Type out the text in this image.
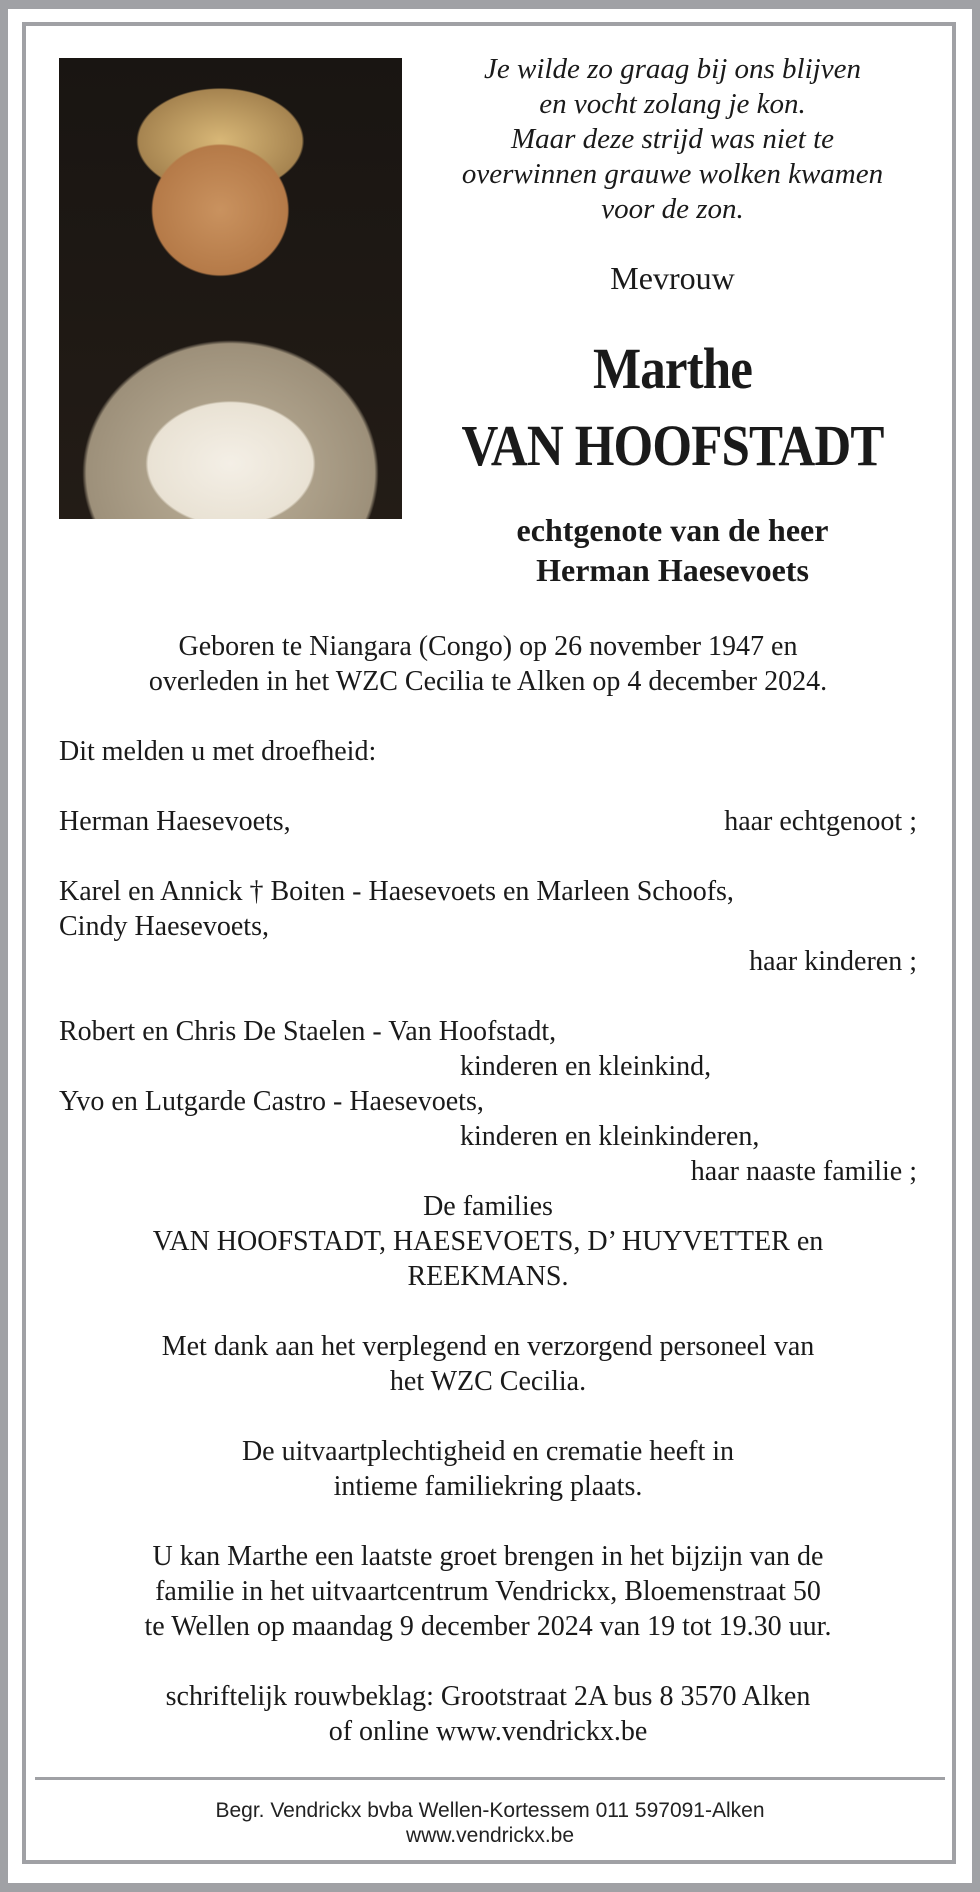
Je wilde zo graag bij ons blijven
en vocht zolang je kon.
Maar deze strijd was niet te
overwinnen grauwe wolken kwamen
voor de zon.
Mevrouw
Marthe
VAN HOOFSTADT
echtgenote van de heer
Herman Haesevoets
Geboren te Niangara (Congo) op 26 november 1947 en
overleden in het WZC Cecilia te Alken op 4 december 2024.
Dit melden u met droefheid:
Herman Haesevoets,	haar echtgenoot ;
Karel en Annick † Boiten - Haesevoets en Marleen Schoofs,
Cindy Haesevoets,
haar kinderen ;
Robert en Chris De Staelen - Van Hoofstadt,
kinderen en kleinkind,
Yvo en Lutgarde Castro - Haesevoets,
kinderen en kleinkinderen,
haar naaste familie ;
De families
VAN HOOFSTADT, HAESEVOETS, D’ HUYVETTER en
REEKMANS.
Met dank aan het verplegend en verzorgend personeel van
het WZC Cecilia.
De uitvaartplechtigheid en crematie heeft in
intieme familiekring plaats.
U kan Marthe een laatste groet brengen in het bijzijn van de
familie in het uitvaartcentrum Vendrickx, Bloemenstraat 50
te Wellen op maandag 9 december 2024 van 19 tot 19.30 uur.
schriftelijk rouwbeklag: Grootstraat 2A bus 8 3570 Alken
of online www.vendrickx.be
Begr. Vendrickx bvba Wellen-Kortessem 011 597091-Alken
www.vendrickx.be
